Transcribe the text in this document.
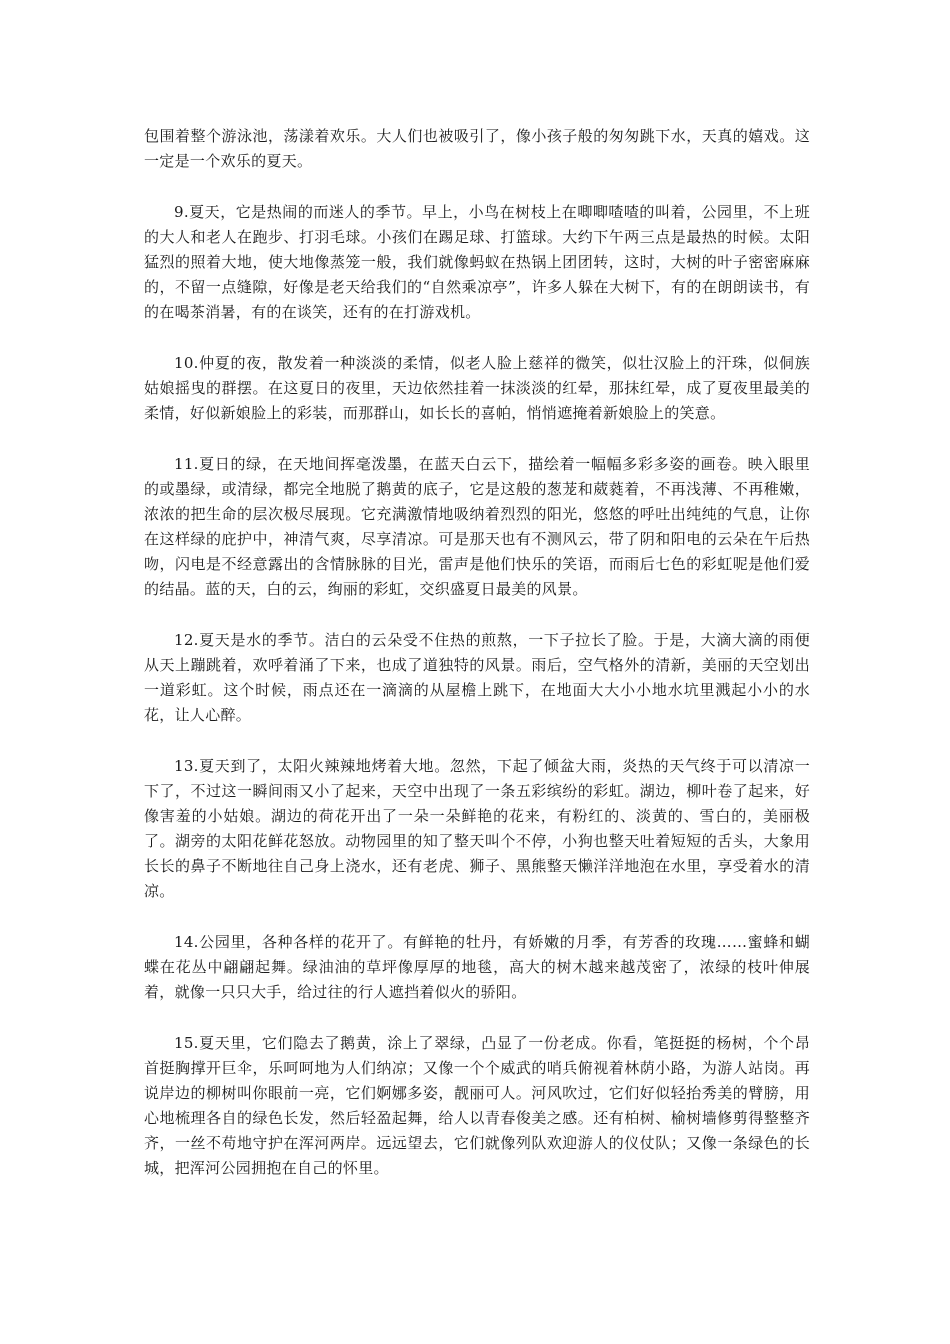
包围着整个游泳池，荡漾着欢乐。大人们也被吸引了，像小孩子般的匆匆跳下水，天真的嬉戏。这一定是一个欢乐的夏天。

9.夏天，它是热闹的而迷人的季节。早上，小鸟在树枝上在唧唧喳喳的叫着，公园里，不上班的大人和老人在跑步、打羽毛球。小孩们在踢足球、打篮球。大约下午两三点是最热的时候。太阳猛烈的照着大地，使大地像蒸笼一般，我们就像蚂蚁在热锅上团团转，这时，大树的叶子密密麻麻的，不留一点缝隙，好像是老天给我们的“自然乘凉亭”，许多人躲在大树下，有的在朗朗读书，有的在喝茶消暑，有的在谈笑，还有的在打游戏机。

10.仲夏的夜，散发着一种淡淡的柔情，似老人脸上慈祥的微笑，似壮汉脸上的汗珠，似侗族姑娘摇曳的群摆。在这夏日的夜里，天边依然挂着一抹淡淡的红晕，那抹红晕，成了夏夜里最美的柔情，好似新娘脸上的彩装，而那群山，如长长的喜帕，悄悄遮掩着新娘脸上的笑意。

11.夏日的绿，在天地间挥毫泼墨，在蓝天白云下，描绘着一幅幅多彩多姿的画卷。映入眼里的或墨绿，或清绿，都完全地脱了鹅黄的底子，它是这般的葱茏和葳蕤着，不再浅薄、不再稚嫩，浓浓的把生命的层次极尽展现。它充满激情地吸纳着烈烈的阳光，悠悠的呼吐出纯纯的气息，让你在这样绿的庇护中，神清气爽，尽享清凉。可是那天也有不测风云，带了阴和阳电的云朵在午后热吻，闪电是不经意露出的含情脉脉的目光，雷声是他们快乐的笑语，而雨后七色的彩虹呢是他们爱的结晶。蓝的天，白的云，绚丽的彩虹，交织盛夏日最美的风景。

12.夏天是水的季节。洁白的云朵受不住热的煎熬，一下子拉长了脸。于是，大滴大滴的雨便从天上蹦跳着，欢呼着涌了下来，也成了道独特的风景。雨后，空气格外的清新，美丽的天空划出一道彩虹。这个时候，雨点还在一滴滴的从屋檐上跳下，在地面大大小小地水坑里溅起小小的水花，让人心醉。

13.夏天到了，太阳火辣辣地烤着大地。忽然，下起了倾盆大雨，炎热的天气终于可以清凉一下了，不过这一瞬间雨又小了起来，天空中出现了一条五彩缤纷的彩虹。湖边，柳叶卷了起来，好像害羞的小姑娘。湖边的荷花开出了一朵一朵鲜艳的花来，有粉红的、淡黄的、雪白的，美丽极了。湖旁的太阳花鲜花怒放。动物园里的知了整天叫个不停，小狗也整天吐着短短的舌头，大象用长长的鼻子不断地往自己身上浇水，还有老虎、狮子、黑熊整天懒洋洋地泡在水里，享受着水的清凉。

14.公园里，各种各样的花开了。有鲜艳的牡丹，有娇嫩的月季，有芳香的玫瑰……蜜蜂和蝴蝶在花丛中翩翩起舞。绿油油的草坪像厚厚的地毯，高大的树木越来越茂密了，浓绿的枝叶伸展着，就像一只只大手，给过往的行人遮挡着似火的骄阳。

15.夏天里，它们隐去了鹅黄，涂上了翠绿，凸显了一份老成。你看，笔挺挺的杨树，个个昂首挺胸撑开巨伞，乐呵呵地为人们纳凉；又像一个个威武的哨兵俯视着林荫小路，为游人站岗。再说岸边的柳树叫你眼前一亮，它们婀娜多姿，靓丽可人。河风吹过，它们好似轻抬秀美的臂膀，用心地梳理各自的绿色长发，然后轻盈起舞，给人以青春俊美之感。还有柏树、榆树墙修剪得整整齐齐，一丝不苟地守护在浑河两岸。远远望去，它们就像列队欢迎游人的仪仗队；又像一条绿色的长城，把浑河公园拥抱在自己的怀里。
